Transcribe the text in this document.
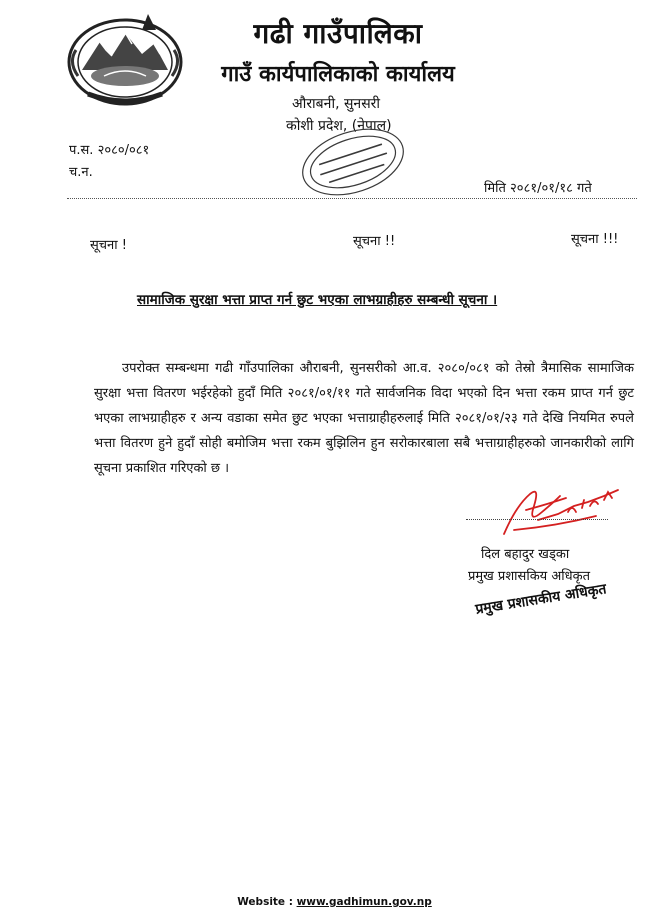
गढी गाउँपालिका
गाउँ कार्यपालिकाको कार्यालय
औराबनी, सुनसरी
कोशी प्रदेश, (नेपाल)
प.स. २०८०/०८१
च.न.
मिति २०८१/०१/१८ गते
सूचना !	सूचना !!	सूचना !!!
सामाजिक सुरक्षा भत्ता प्राप्त गर्न छुट भएका लाभग्राहीहरु सम्बन्धी सूचना ।
उपरोक्त सम्बन्धमा गढी गाँउपालिका औराबनी, सुनसरीको आ.व. २०८०/०८१ को तेस्रो त्रैमासिक सामाजिक सुरक्षा भत्ता वितरण भईरहेको हुदाँ मिति २०८१/०१/११ गते सार्वजनिक विदा भएको दिन भत्ता रकम प्राप्त गर्न छुट भएका लाभग्राहीहरु र अन्य वडाका समेत छुट भएका भत्ताग्राहीहरुलाई मिति २०८१/०१/२३ गते देखि नियमित रुपले भत्ता वितरण हुने हुदाँ सोही बमोजिम भत्ता रकम बुझिलिन हुन सरोकारबाला सबै भत्ताग्राहीहरुको जानकारीको लागि सूचना प्रकाशित गरिएको छ ।
दिल बहादुर खड्का
प्रमुख प्रशासकिय अधिकृत
प्रमुख प्रशासकीय अधिकृत
Website : www.gadhimun.gov.np
